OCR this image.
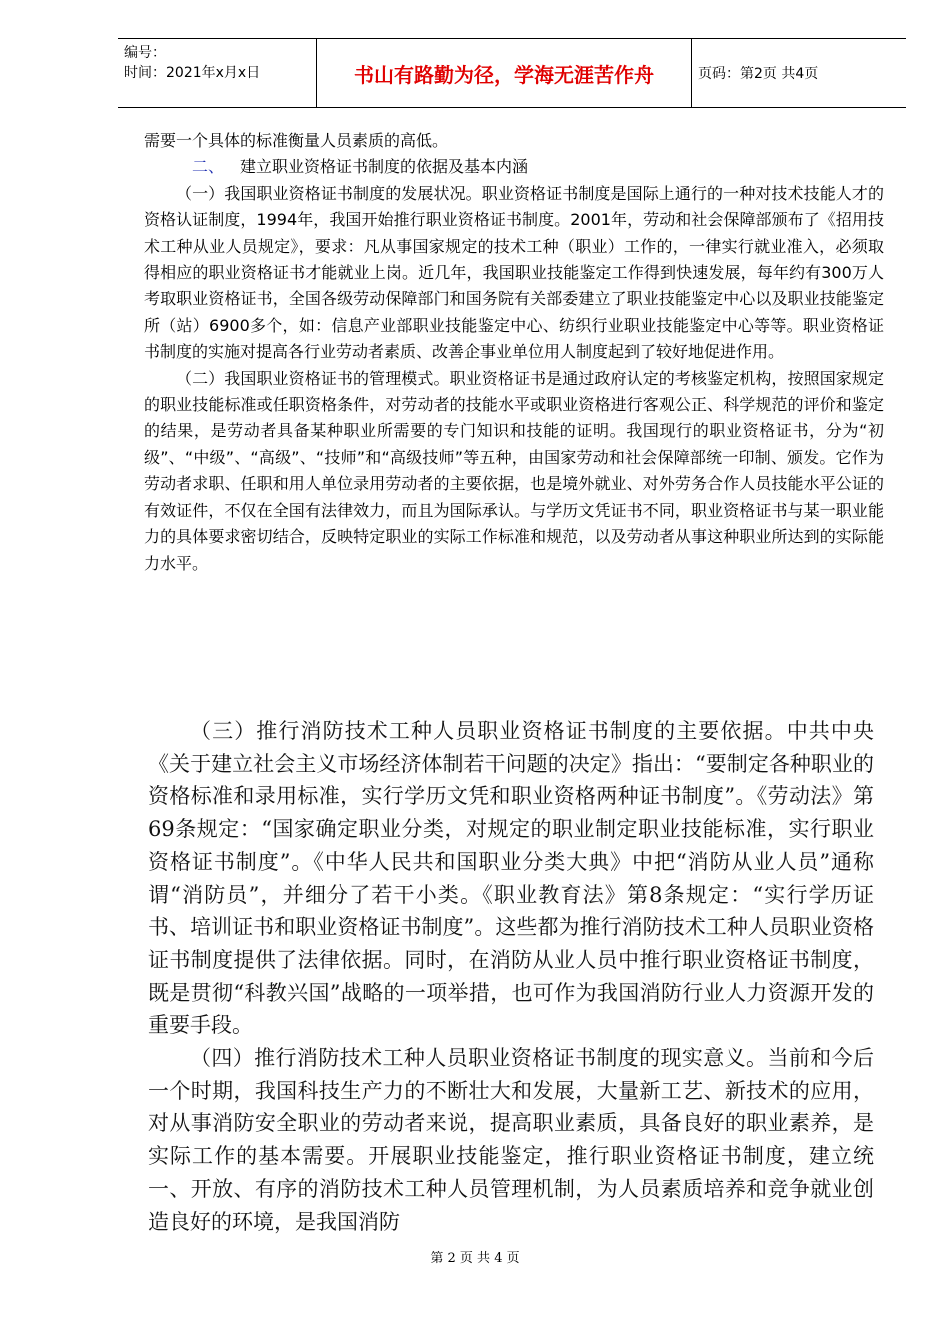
编号：
时间：2021年x月x日	书山有路勤为径，学海无涯苦作舟	页码：第2页 共4页

需要一个具体的标准衡量人员素质的高低。

二、  建立职业资格证书制度的依据及基本内涵

（一）我国职业资格证书制度的发展状况。职业资格证书制度是国际上通行的一种对技术技能人才的资格认证制度，1994年，我国开始推行职业资格证书制度。2001年，劳动和社会保障部颁布了《招用技术工种从业人员规定》，要求：凡从事国家规定的技术工种（职业）工作的，一律实行就业准入，必须取得相应的职业资格证书才能就业上岗。近几年，我国职业技能鉴定工作得到快速发展，每年约有300万人考取职业资格证书，全国各级劳动保障部门和国务院有关部委建立了职业技能鉴定中心以及职业技能鉴定所（站）6900多个，如：信息产业部职业技能鉴定中心、纺织行业职业技能鉴定中心等等。职业资格证书制度的实施对提高各行业劳动者素质、改善企事业单位用人制度起到了较好地促进作用。

（二）我国职业资格证书的管理模式。职业资格证书是通过政府认定的考核鉴定机构，按照国家规定的职业技能标准或任职资格条件，对劳动者的技能水平或职业资格进行客观公正、科学规范的评价和鉴定的结果，是劳动者具备某种职业所需要的专门知识和技能的证明。我国现行的职业资格证书，分为“初级”、“中级”、“高级”、“技师”和“高级技师”等五种，由国家劳动和社会保障部统一印制、颁发。它作为劳动者求职、任职和用人单位录用劳动者的主要依据，也是境外就业、对外劳务合作人员技能水平公证的有效证件，不仅在全国有法律效力，而且为国际承认。与学历文凭证书不同，职业资格证书与某一职业能力的具体要求密切结合，反映特定职业的实际工作标准和规范，以及劳动者从事这种职业所达到的实际能力水平。

（三）推行消防技术工种人员职业资格证书制度的主要依据。中共中央《关于建立社会主义市场经济体制若干问题的决定》指出：“要制定各种职业的资格标准和录用标准，实行学历文凭和职业资格两种证书制度”。《劳动法》第69条规定：“国家确定职业分类，对规定的职业制定职业技能标准，实行职业资格证书制度”。《中华人民共和国职业分类大典》中把“消防从业人员”通称谓“消防员”，并细分了若干小类。《职业教育法》第8条规定：“实行学历证书、培训证书和职业资格证书制度”。这些都为推行消防技术工种人员职业资格证书制度提供了法律依据。同时，在消防从业人员中推行职业资格证书制度，既是贯彻“科教兴国”战略的一项举措，也可作为我国消防行业人力资源开发的重要手段。

（四）推行消防技术工种人员职业资格证书制度的现实意义。当前和今后一个时期，我国科技生产力的不断壮大和发展，大量新工艺、新技术的应用，对从事消防安全职业的劳动者来说，提高职业素质，具备良好的职业素养，是实际工作的基本需要。开展职业技能鉴定，推行职业资格证书制度，建立统一、开放、有序的消防技术工种人员管理机制，为人员素质培养和竞争就业创造良好的环境，是我国消防

第 2 页 共 4 页
